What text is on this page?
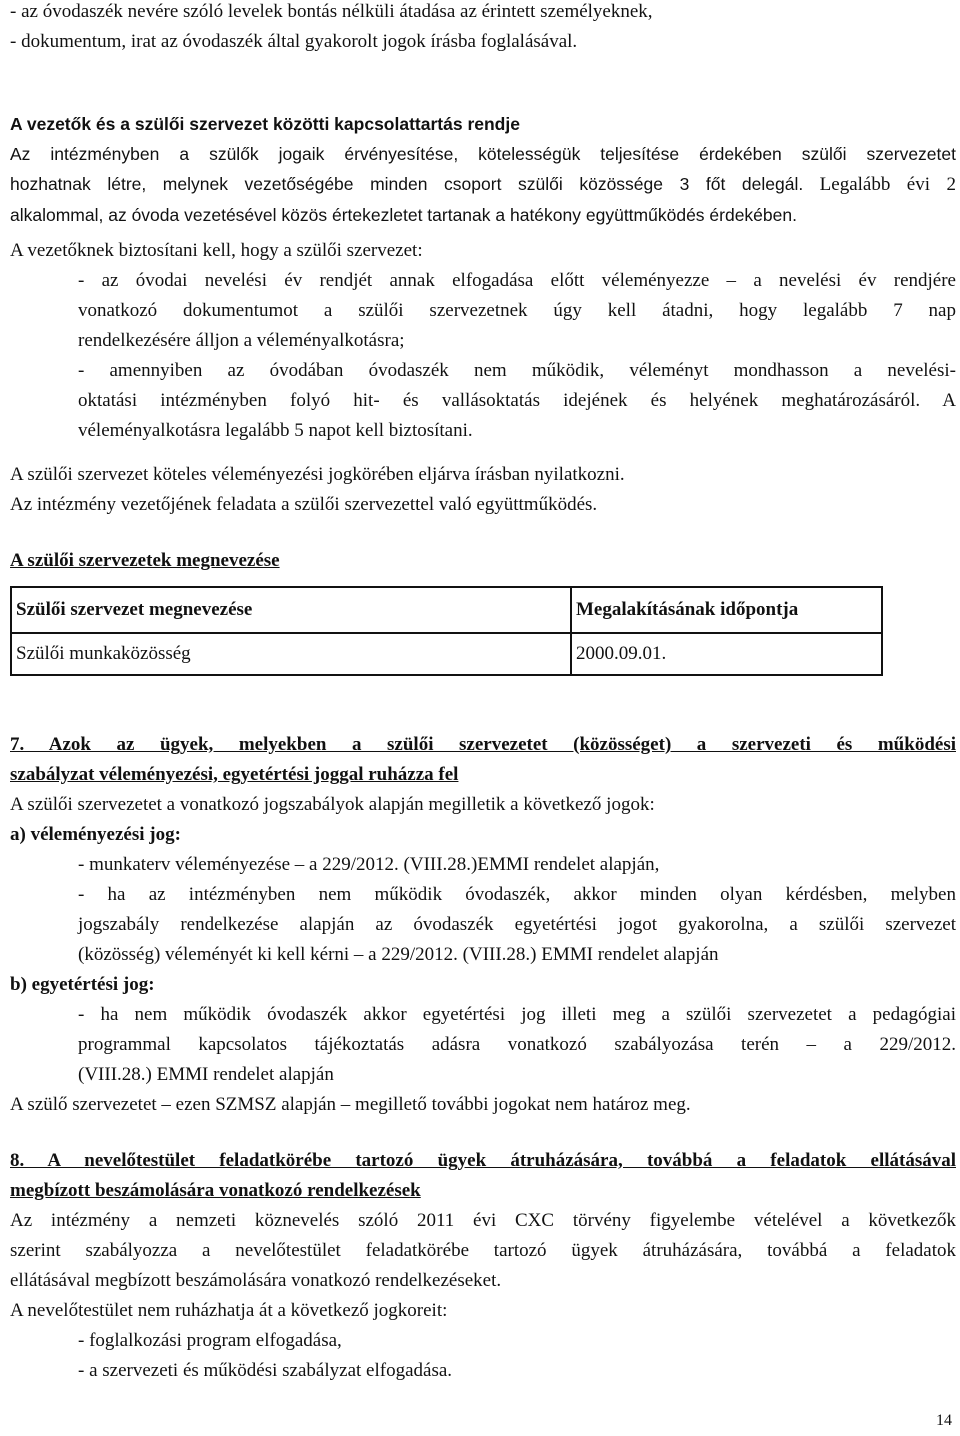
- az óvodaszék nevére szóló levelek bontás nélküli átadása az érintett személyeknek,

- dokumentum, irat az óvodaszék által gyakorolt jogok írásba foglalásával.

A vezetők és a szülői szervezet közötti kapcsolattartás rendje

Az intézményben a szülők jogaik érvényesítése, kötelességük teljesítése érdekében szülői szervezetet

hozhatnak létre, melynek vezetőségébe minden csoport szülői közössége 3 főt delegál. Legalább évi 2

alkalommal, az óvoda vezetésével közös értekezletet tartanak a hatékony együttműködés érdekében.

A vezetőknek biztosítani kell, hogy a szülői szervezet:

- az óvodai nevelési év rendjét annak elfogadása előtt véleményezze – a nevelési év rendjére

vonatkozó dokumentumot a szülői szervezetnek úgy kell átadni, hogy legalább 7 nap

rendelkezésére álljon a véleményalkotásra;

- amennyiben az óvodában óvodaszék nem működik, véleményt mondhasson a nevelési-

oktatási intézményben folyó hit- és vallásoktatás idejének és helyének meghatározásáról. A

véleményalkotásra legalább 5 napot kell biztosítani.

A szülői szervezet köteles véleményezési jogkörében eljárva írásban nyilatkozni.

Az intézmény vezetőjének feladata a szülői szervezettel való együttműködés.

A szülői szervezetek megnevezése

Szülői szervezet megnevezése	Megalakításának időpontja
Szülői munkaközösség	2000.09.01.

7. Azok az ügyek, melyekben a szülői szervezetet (közösséget) a szervezeti és működési

szabályzat véleményezési, egyetértési joggal ruházza fel

A szülői szervezetet a vonatkozó jogszabályok alapján megilletik a következő jogok:

a) véleményezési jog:

- munkaterv véleményezése – a 229/2012. (VIII.28.)EMMI rendelet alapján,

- ha az intézményben nem működik óvodaszék, akkor minden olyan kérdésben, melyben

jogszabály rendelkezése alapján az óvodaszék egyetértési jogot gyakorolna, a szülői szervezet

(közösség) véleményét ki kell kérni – a 229/2012. (VIII.28.) EMMI rendelet alapján

b) egyetértési jog:

- ha nem működik óvodaszék akkor egyetértési jog illeti meg a szülői szervezetet a pedagógiai

programmal kapcsolatos tájékoztatás adásra vonatkozó szabályozása terén – a 229/2012.

(VIII.28.) EMMI rendelet alapján

A szülő szervezetet – ezen SZMSZ alapján – megillető további jogokat nem határoz meg.

8. A nevelőtestület feladatkörébe tartozó ügyek átruházására, továbbá a feladatok ellátásával

megbízott beszámolására vonatkozó rendelkezések

Az intézmény a nemzeti köznevelés szóló 2011 évi CXC törvény figyelembe vételével a következők

szerint szabályozza a nevelőtestület feladatkörébe tartozó ügyek átruházására, továbbá a feladatok

ellátásával megbízott beszámolására vonatkozó rendelkezéseket.

A nevelőtestület nem ruházhatja át a következő jogkoreit:

- foglalkozási program elfogadása,

- a szervezeti és működési szabályzat elfogadása.

14
